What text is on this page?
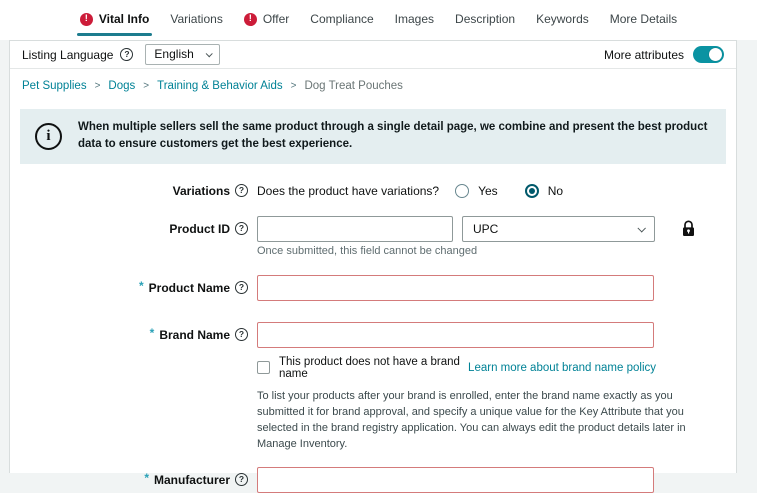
! Vital Info Variations	! Offer Compliance Images Description Keywords More Details
Listing Language	?	English	More attributes
Pet Supplies > Dogs > Training & Behavior Aids > Dog Treat Pouches
i
When multiple sellers sell the same product through a single detail page, we combine and present the best product data to ensure customers get the best experience.
Variations	?	Does the product have variations?	Yes	No
Product ID	?	UPC
Once submitted, this field cannot be changed
* Product Name	?
* Brand Name	?
This product does not have a brand name	Learn more about brand name policy
To list your products after your brand is enrolled, enter the brand name exactly as you submitted it for brand approval, and specify a unique value for the Key Attribute that you selected in the brand registry application. You can always edit the product details later in Manage Inventory.
* Manufacturer	?
